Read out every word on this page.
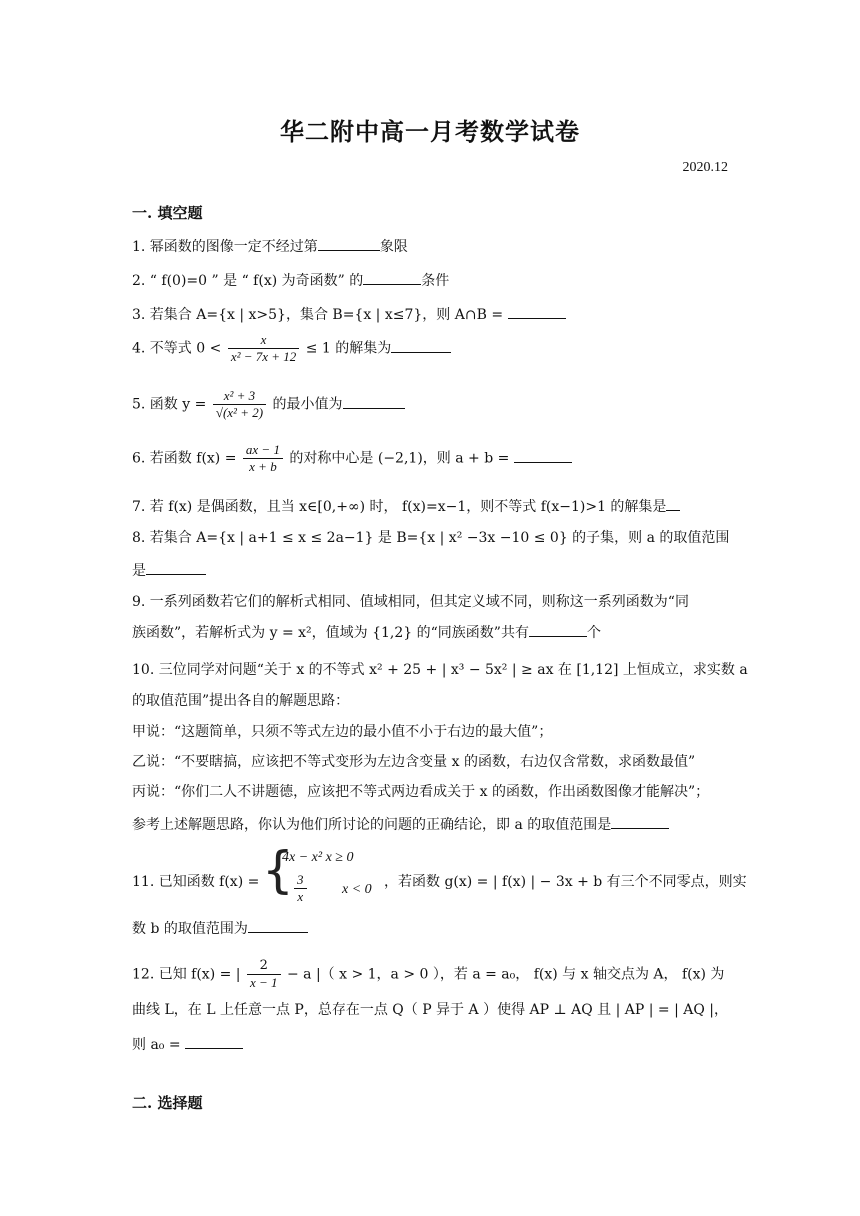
华二附中高一月考数学试卷
2020.12
一. 填空题
1. 幂函数的图像一定不经过第	象限
2. “ f(0)=0 ” 是 “ f(x) 为奇函数” 的	条件
3. 若集合 A={x | x>5}，集合 B={x | x≤7}，则 A∩B =
4. 不等式 $0 < \frac{x}{\text{x² − 7x + 12}} \le 1$ 的解集为
5. 函数 $y = \frac{\text{x² + 3}}{\text{√(x² + 2)}}$ 的最小值为
6. 若函数 $f(x) = \frac{ax - 1}{x + b}$ 的对称中心是 (−2,1)，则 a + b =
7. 若 f(x) 是偶函数，且当 x∈[0,+∞) 时， f(x)=x−1，则不等式 f(x−1)>1 的解集是
8. 若集合 A={x | a+1 ≤ x ≤ 2a−1} 是 B={x | x² −3x −10 ≤ 0} 的子集，则 a 的取值范围
是
9. 一系列函数若它们的解析式相同、值域相同，但其定义域不同，则称这一系列函数为“同
族函数”，若解析式为 y = x²，值域为 {1,2} 的“同族函数”共有	个
10. 三位同学对问题“关于 x 的不等式 x² + 25 + | x³ − 5x² | ≥ ax 在 [1,12] 上恒成立，求实数 a
的取值范围”提出各自的解题思路：
甲说：“这题简单，只须不等式左边的最小值不小于右边的最大值”；
乙说：“不要瞎搞，应该把不等式变形为左边含变量 x 的函数，右边仅含常数，求函数最值”
丙说：“你们二人不讲题德，应该把不等式两边看成关于 x 的函数，作出函数图像才能解决”；
参考上述解题思路，你认为他们所讨论的问题的正确结论，即 a 的取值范围是
11. 已知函数 f(x) = {
4x − x² x ≥ 0
$\frac{3}{x}$	x < 0 ，若函数 g(x) = | f(x) | − 3x + b 有三个不同零点，则实
数 b 的取值范围为
12. 已知 f(x) = | $\frac{2}{x - 1} - a$ |（ x > 1，a > 0 ），若 a = a₀， f(x) 与 x 轴交点为 A， f(x) 为
曲线 L，在 L 上任意一点 P，总存在一点 Q（ P 异于 A ）使得 AP ⊥ AQ 且 | AP | = | AQ |，
则 a₀ =
二. 选择题
